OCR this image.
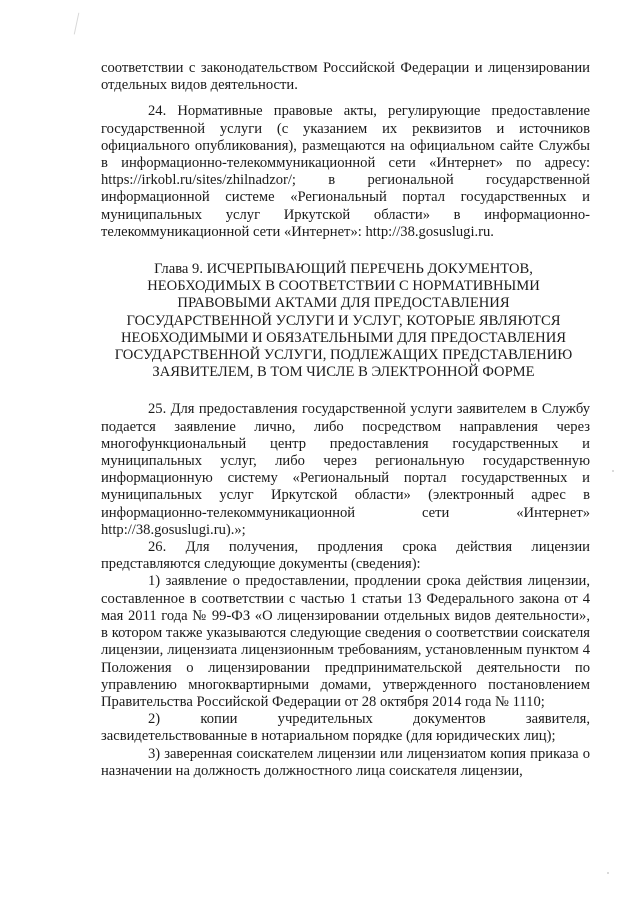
соответствии с законодательством Российской Федерации и лицензировании отдельных видов деятельности.

24. Нормативные правовые акты, регулирующие предоставление государственной услуги (с указанием их реквизитов и источников официального опубликования), размещаются на официальном сайте Службы в информационно-телекоммуникационной сети «Интернет» по адресу: https://irkobl.ru/sites/zhilnadzor/; в региональной государственной информационной системе «Региональный портал государственных и муниципальных услуг Иркутской области» в информационно-телекоммуникационной сети «Интернет»: http://38.gosuslugi.ru.

Глава 9. ИСЧЕРПЫВАЮЩИЙ ПЕРЕЧЕНЬ ДОКУМЕНТОВ,
НЕОБХОДИМЫХ В СООТВЕТСТВИИ С НОРМАТИВНЫМИ
ПРАВОВЫМИ АКТАМИ ДЛЯ ПРЕДОСТАВЛЕНИЯ
ГОСУДАРСТВЕННОЙ УСЛУГИ И УСЛУГ, КОТОРЫЕ ЯВЛЯЮТСЯ
НЕОБХОДИМЫМИ И ОБЯЗАТЕЛЬНЫМИ ДЛЯ ПРЕДОСТАВЛЕНИЯ
ГОСУДАРСТВЕННОЙ УСЛУГИ, ПОДЛЕЖАЩИХ ПРЕДСТАВЛЕНИЮ
ЗАЯВИТЕЛЕМ, В ТОМ ЧИСЛЕ В ЭЛЕКТРОННОЙ ФОРМЕ

25. Для предоставления государственной услуги заявителем в Службу подается заявление лично, либо посредством направления через многофункциональный центр предоставления государственных и муниципальных услуг, либо через региональную государственную информационную систему «Региональный портал государственных и муниципальных услуг Иркутской области» (электронный адрес в информационно-телекоммуникационной сети «Интернет» http://38.gosuslugi.ru).»;

26. Для получения, продления срока действия лицензии представляются следующие документы (сведения):

1) заявление о предоставлении, продлении срока действия лицензии, составленное в соответствии с частью 1 статьи 13 Федерального закона от 4 мая 2011 года № 99-ФЗ «О лицензировании отдельных видов деятельности», в котором также указываются следующие сведения о соответствии соискателя лицензии, лицензиата лицензионным требованиям, установленным пунктом 4 Положения о лицензировании предпринимательской деятельности по управлению многоквартирными домами, утвержденного постановлением Правительства Российской Федерации от 28 октября 2014 года № 1110;

2) копии учредительных документов заявителя, засвидетельствованные в нотариальном порядке (для юридических лиц);

3) заверенная соискателем лицензии или лицензиатом копия приказа о назначении на должность должностного лица соискателя лицензии,
